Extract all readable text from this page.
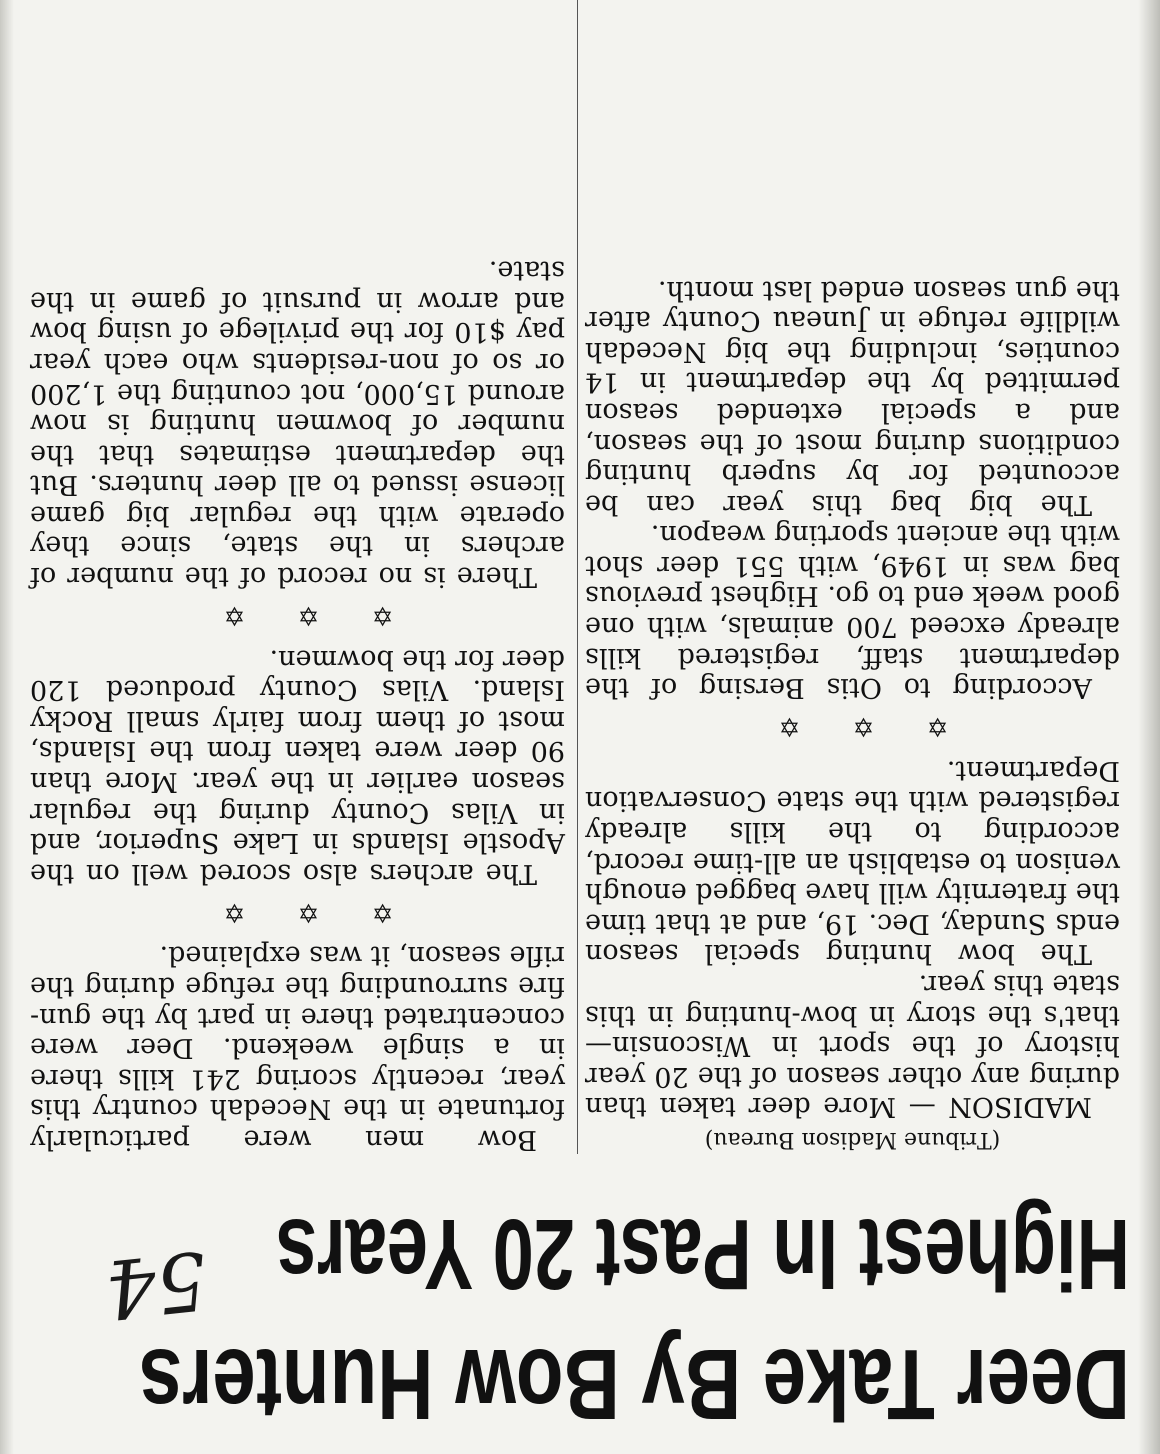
Deer Take By Bow Hunters
Highest In Past 20 Years
54
(Tribune Madison Bureau)

MADISON — More deer taken than during any other season of the 20 year history of the sport in Wisconsin—that's the story in bow-hunting in this state this year.

The bow hunting special season ends Sunday, Dec. 19, and at that time the fraternity will have bagged enough venison to establish an all-time record, according to the kills already registered with the state Conservation Department.

✡ ✡ ✡

According to Otis Bersing of the department staff, registered kills already exceed 700 animals, with one good week end to go. Highest previous bag was in 1949, with 551 deer shot with the ancient sporting weapon.

The big bag this year can be accounted for by superb hunting conditions during most of the season, and a special extended season permitted by the department in 14 counties, including the big Necedah wildlife refuge in Juneau County after the gun season ended last month.

Bow men were particularly fortunate in the Necedah country this year, recently scoring 241 kills there in a single weekend. Deer were concentrated there in part by the gun-fire surrounding the refuge during the rifle season, it was explained.

✡ ✡ ✡

The archers also scored well on the Apostle Islands in Lake Superior, and in Vilas County during the regular season earlier in the year. More than 90 deer were taken from the Islands, most of them from fairly small Rocky Island. Vilas County produced 120 deer for the bowmen.

✡ ✡ ✡

There is no record of the number of archers in the state, since they operate with the regular big game license issued to all deer hunters. But the department estimates that the number of bowmen hunting is now around 15,000, not counting the 1,200 or so of non-residents who each year pay $10 for the privilege of using bow and arrow in pursuit of game in the state.
